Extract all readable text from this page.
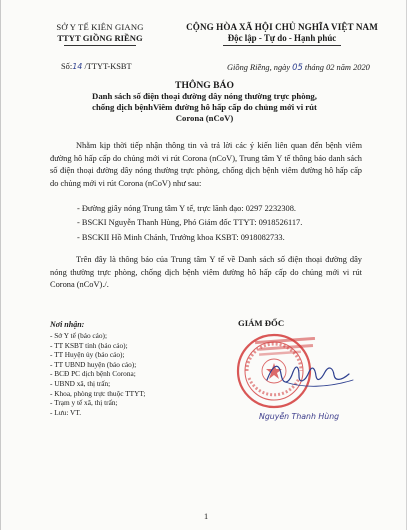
SỞ Y TẾ KIÊN GIANG
TTYT GIỒNG RIỀNG
CỘNG HÒA XÃ HỘI CHỦ NGHĨA VIỆT NAM
Độc lập - Tự do - Hạnh phúc
Số:14 /TTYT-KSBT	Giồng Riềng, ngày 05 tháng 02 năm 2020
THÔNG BÁO
Danh sách số điện thoại đường dây nóng thường trực phòng, chống dịch bệnhViêm đường hô hấp cấp do chủng mới vi rút Corona (nCoV)
Nhằm kịp thời tiếp nhận thông tin và trả lời các ý kiến liên quan đến bệnh viêm đường hô hấp cấp do chủng mới vi rút Corona (nCoV), Trung tâm Y tế thông báo danh sách số điện thoại đường dây nóng thường trực phòng, chống dịch bệnh viêm đường hô hấp cấp do chủng mới vi rút Corona (nCoV) như sau:
- Đường giây nóng Trung tâm Y tế, trực lãnh đạo: 0297 2232308.
- BSCKI Nguyễn Thanh Hùng, Phó Giám đốc TTYT: 0918526117.
- BSCKII Hồ Minh Chánh, Trưởng khoa KSBT: 0918082733.
Trên đây là thông báo của Trung tâm Y tế về Danh sách số điện thoại đường dây nóng thường trực phòng, chống dịch bệnh viêm đường hô hấp cấp do chủng mới vi rút Corona (nCoV)./.
Nơi nhận:
- Sở Y tế (báo cáo);
- TT KSBT tỉnh (báo cáo);
- TT Huyện ủy (báo cáo);
- TT UBND huyện (báo cáo);
- BCĐ PC dịch bệnh Corona;
- UBND xã, thị trấn;
- Khoa, phòng trực thuộc TTYT;
- Trạm y tế xã, thị trấn;
- Lưu: VT.
GIÁM ĐỐC
Nguyễn Thanh Hùng
1
